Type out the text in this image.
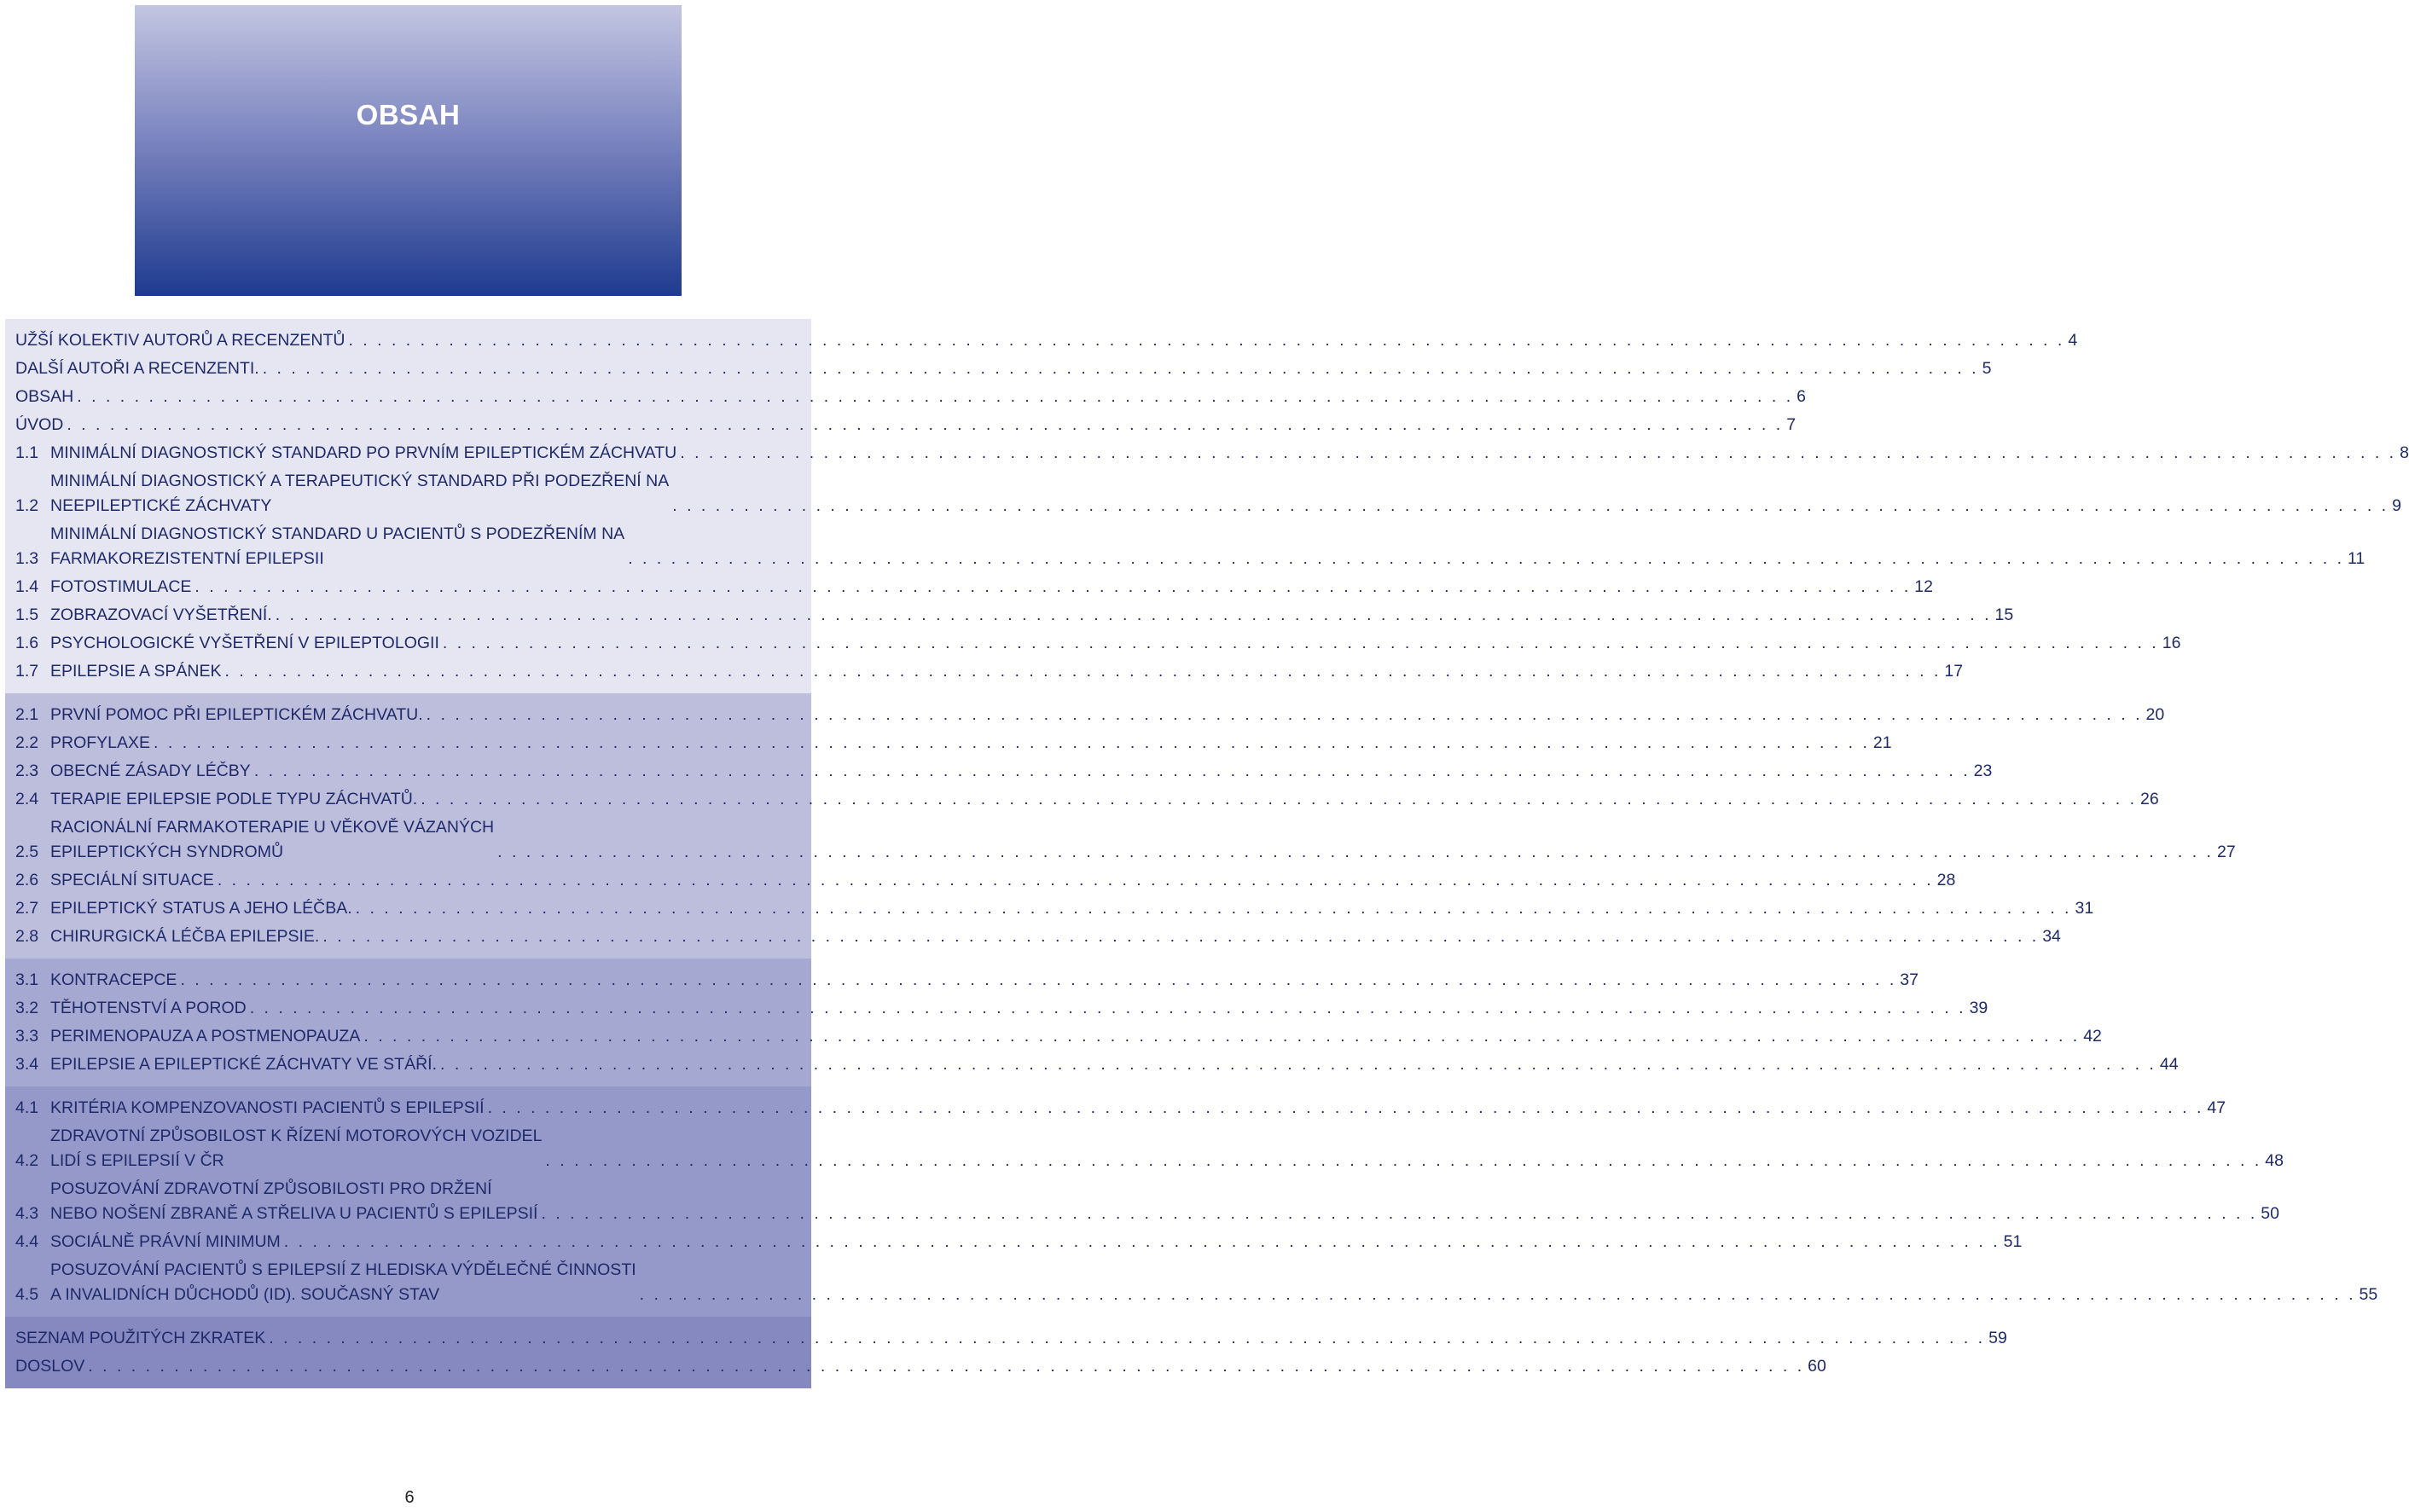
OBSAH
UŽŠÍ KOLEKTIV AUTORŮ A RECENZENTŮ . . . . . . . . . . . . . . . . . . . . . . . . . . . . . . . . . . . . . . . . . . . . . . . . . . . . . . . . . . . . . . . . . . . . . . . . . . . . . . . . . . . . . . . . . . . . . . . . . . . . . . . . . . . . . . . . . . . . . . . . 4
DALŠÍ AUTOŘI A RECENZENTI. . . . . . . . . . . . . . . . . . . . . . . . . . . . . . . . . . . . . . . . . . . . . . . . . . . . . . . . . . . . . . . . . . . . . . . . . . . . . . . . . . . . . . . . . . . . . . . . . . . . . . . . . . . . . . . . . . . . . . . . . 5
OBSAH . . . . . . . . . . . . . . . . . . . . . . . . . . . . . . . . . . . . . . . . . . . . . . . . . . . . . . . . . . . . . . . . . . . . . . . . . . . . . . . . . . . . . . . . . . . . . . . . . . . . . . . . . . . . . . . . . . . . . . . . 6
ÚVOD . . . . . . . . . . . . . . . . . . . . . . . . . . . . . . . . . . . . . . . . . . . . . . . . . . . . . . . . . . . . . . . . . . . . . . . . . . . . . . . . . . . . . . . . . . . . . . . . . . . . . . . . . . . . . . . . . . . . . . . . 7
1.1 MINIMÁLNÍ DIAGNOSTICKÝ STANDARD PO PRVNÍM EPILEPTICKÉM ZÁCHVATU . . . . . . . . . . . . . . . . . . . . . . . . . . . . . . . . . . . . . . . . . . . . . . . . . . . . . . . . . . . . . . . . . . . . . . . . . . . . . . . . . . . . . . . . . . . . . . . . . . . . . . . . . . . . . . . . . . . . . . . . 8
1.2
MINIMÁLNÍ DIAGNOSTICKÝ A TERAPEUTICKÝ STANDARD PŘI PODEZŘENÍ NA
NEEPILEPTICKÉ ZÁCHVATY	. . . . . . . . . . . . . . . . . . . . . . . . . . . . . . . . . . . . . . . . . . . . . . . . . . . . . . . . . . . . . . . . . . . . . . . . . . . . . . . . . . . . . . . . . . . . . . . . . . . . . . . . . . . . . . . . . . . . . . . . 9
1.3
MINIMÁLNÍ DIAGNOSTICKÝ STANDARD U PACIENTŮ S PODEZŘENÍM NA
FARMAKOREZISTENTNÍ EPILEPSII	. . . . . . . . . . . . . . . . . . . . . . . . . . . . . . . . . . . . . . . . . . . . . . . . . . . . . . . . . . . . . . . . . . . . . . . . . . . . . . . . . . . . . . . . . . . . . . . . . . . . . . . . . . . . . . . . . . . . . . . . 11
1.4 FOTOSTIMULACE . . . . . . . . . . . . . . . . . . . . . . . . . . . . . . . . . . . . . . . . . . . . . . . . . . . . . . . . . . . . . . . . . . . . . . . . . . . . . . . . . . . . . . . . . . . . . . . . . . . . . . . . . . . . . . . . . . . . . . . . 12
1.5 ZOBRAZOVACÍ VYŠETŘENÍ. . . . . . . . . . . . . . . . . . . . . . . . . . . . . . . . . . . . . . . . . . . . . . . . . . . . . . . . . . . . . . . . . . . . . . . . . . . . . . . . . . . . . . . . . . . . . . . . . . . . . . . . . . . . . . . . . . . . . . . . . 15
1.6 PSYCHOLOGICKÉ VYŠETŘENÍ V EPILEPTOLOGII . . . . . . . . . . . . . . . . . . . . . . . . . . . . . . . . . . . . . . . . . . . . . . . . . . . . . . . . . . . . . . . . . . . . . . . . . . . . . . . . . . . . . . . . . . . . . . . . . . . . . . . . . . . . . . . . . . . . . . . . 16
1.7 EPILEPSIE A SPÁNEK . . . . . . . . . . . . . . . . . . . . . . . . . . . . . . . . . . . . . . . . . . . . . . . . . . . . . . . . . . . . . . . . . . . . . . . . . . . . . . . . . . . . . . . . . . . . . . . . . . . . . . . . . . . . . . . . . . . . . . . . 17
2.1 PRVNÍ POMOC PŘI EPILEPTICKÉM ZÁCHVATU. . . . . . . . . . . . . . . . . . . . . . . . . . . . . . . . . . . . . . . . . . . . . . . . . . . . . . . . . . . . . . . . . . . . . . . . . . . . . . . . . . . . . . . . . . . . . . . . . . . . . . . . . . . . . . . . . . . . . . . . . 20
2.2 PROFYLAXE . . . . . . . . . . . . . . . . . . . . . . . . . . . . . . . . . . . . . . . . . . . . . . . . . . . . . . . . . . . . . . . . . . . . . . . . . . . . . . . . . . . . . . . . . . . . . . . . . . . . . . . . . . . . . . . . . . . . . . . . 21
2.3 OBECNÉ ZÁSADY LÉČBY . . . . . . . . . . . . . . . . . . . . . . . . . . . . . . . . . . . . . . . . . . . . . . . . . . . . . . . . . . . . . . . . . . . . . . . . . . . . . . . . . . . . . . . . . . . . . . . . . . . . . . . . . . . . . . . . . . . . . . . . 23
2.4 TERAPIE EPILEPSIE PODLE TYPU ZÁCHVATŮ. . . . . . . . . . . . . . . . . . . . . . . . . . . . . . . . . . . . . . . . . . . . . . . . . . . . . . . . . . . . . . . . . . . . . . . . . . . . . . . . . . . . . . . . . . . . . . . . . . . . . . . . . . . . . . . . . . . . . . . . . 26
2.5
RACIONÁLNÍ FARMAKOTERAPIE U VĚKOVĚ VÁZANÝCH
EPILEPTICKÝCH SYNDROMŮ	. . . . . . . . . . . . . . . . . . . . . . . . . . . . . . . . . . . . . . . . . . . . . . . . . . . . . . . . . . . . . . . . . . . . . . . . . . . . . . . . . . . . . . . . . . . . . . . . . . . . . . . . . . . . . . . . . . . . . . . . 27
2.6 SPECIÁLNÍ SITUACE . . . . . . . . . . . . . . . . . . . . . . . . . . . . . . . . . . . . . . . . . . . . . . . . . . . . . . . . . . . . . . . . . . . . . . . . . . . . . . . . . . . . . . . . . . . . . . . . . . . . . . . . . . . . . . . . . . . . . . . . 28
2.7 EPILEPTICKÝ STATUS A JEHO LÉČBA. . . . . . . . . . . . . . . . . . . . . . . . . . . . . . . . . . . . . . . . . . . . . . . . . . . . . . . . . . . . . . . . . . . . . . . . . . . . . . . . . . . . . . . . . . . . . . . . . . . . . . . . . . . . . . . . . . . . . . . . . 31
2.8 CHIRURGICKÁ LÉČBA EPILEPSIE. . . . . . . . . . . . . . . . . . . . . . . . . . . . . . . . . . . . . . . . . . . . . . . . . . . . . . . . . . . . . . . . . . . . . . . . . . . . . . . . . . . . . . . . . . . . . . . . . . . . . . . . . . . . . . . . . . . . . . . . . 34
3.1 KONTRACEPCE . . . . . . . . . . . . . . . . . . . . . . . . . . . . . . . . . . . . . . . . . . . . . . . . . . . . . . . . . . . . . . . . . . . . . . . . . . . . . . . . . . . . . . . . . . . . . . . . . . . . . . . . . . . . . . . . . . . . . . . . 37
3.2 TĚHOTENSTVÍ A POROD . . . . . . . . . . . . . . . . . . . . . . . . . . . . . . . . . . . . . . . . . . . . . . . . . . . . . . . . . . . . . . . . . . . . . . . . . . . . . . . . . . . . . . . . . . . . . . . . . . . . . . . . . . . . . . . . . . . . . . . . 39
3.3 PERIMENOPAUZA A POSTMENOPAUZA . . . . . . . . . . . . . . . . . . . . . . . . . . . . . . . . . . . . . . . . . . . . . . . . . . . . . . . . . . . . . . . . . . . . . . . . . . . . . . . . . . . . . . . . . . . . . . . . . . . . . . . . . . . . . . . . . . . . . . . . 42
3.4 EPILEPSIE A EPILEPTICKÉ ZÁCHVATY VE STÁŘÍ. . . . . . . . . . . . . . . . . . . . . . . . . . . . . . . . . . . . . . . . . . . . . . . . . . . . . . . . . . . . . . . . . . . . . . . . . . . . . . . . . . . . . . . . . . . . . . . . . . . . . . . . . . . . . . . . . . . . . . . . . 44
4.1 KRITÉRIA KOMPENZOVANOSTI PACIENTŮ S EPILEPSIÍ . . . . . . . . . . . . . . . . . . . . . . . . . . . . . . . . . . . . . . . . . . . . . . . . . . . . . . . . . . . . . . . . . . . . . . . . . . . . . . . . . . . . . . . . . . . . . . . . . . . . . . . . . . . . . . . . . . . . . . . . 47
4.2
ZDRAVOTNÍ ZPŮSOBILOST K ŘÍZENÍ MOTOROVÝCH VOZIDEL
LIDÍ S EPILEPSIÍ V ČR	. . . . . . . . . . . . . . . . . . . . . . . . . . . . . . . . . . . . . . . . . . . . . . . . . . . . . . . . . . . . . . . . . . . . . . . . . . . . . . . . . . . . . . . . . . . . . . . . . . . . . . . . . . . . . . . . . . . . . . . . 48
4.3
POSUZOVÁNÍ ZDRAVOTNÍ ZPŮSOBILOSTI PRO DRŽENÍ
NEBO NOŠENÍ ZBRANĚ A STŘELIVA U PACIENTŮ S EPILEPSIÍ . . . . . . . . . . . . . . . . . . . . . . . . . . . . . . . . . . . . . . . . . . . . . . . . . . . . . . . . . . . . . . . . . . . . . . . . . . . . . . . . . . . . . . . . . . . . . . . . . . . . . . . . . . . . . . . . . . . . . . . . 50
4.4 SOCIÁLNĚ PRÁVNÍ MINIMUM . . . . . . . . . . . . . . . . . . . . . . . . . . . . . . . . . . . . . . . . . . . . . . . . . . . . . . . . . . . . . . . . . . . . . . . . . . . . . . . . . . . . . . . . . . . . . . . . . . . . . . . . . . . . . . . . . . . . . . . . 51
4.5
POSUZOVÁNÍ PACIENTŮ S EPILEPSIÍ Z HLEDISKA VÝDĚLEČNÉ ČINNOSTI
A INVALIDNÍCH DŮCHODŮ (ID). SOUČASNÝ STAV	. . . . . . . . . . . . . . . . . . . . . . . . . . . . . . . . . . . . . . . . . . . . . . . . . . . . . . . . . . . . . . . . . . . . . . . . . . . . . . . . . . . . . . . . . . . . . . . . . . . . . . . . . . . . . . . . . . . . . . . . 55
SEZNAM POUŽITÝCH ZKRATEK . . . . . . . . . . . . . . . . . . . . . . . . . . . . . . . . . . . . . . . . . . . . . . . . . . . . . . . . . . . . . . . . . . . . . . . . . . . . . . . . . . . . . . . . . . . . . . . . . . . . . . . . . . . . . . . . . . . . . . . . 59
DOSLOV . . . . . . . . . . . . . . . . . . . . . . . . . . . . . . . . . . . . . . . . . . . . . . . . . . . . . . . . . . . . . . . . . . . . . . . . . . . . . . . . . . . . . . . . . . . . . . . . . . . . . . . . . . . . . . . . . . . . . . . . 60
6
